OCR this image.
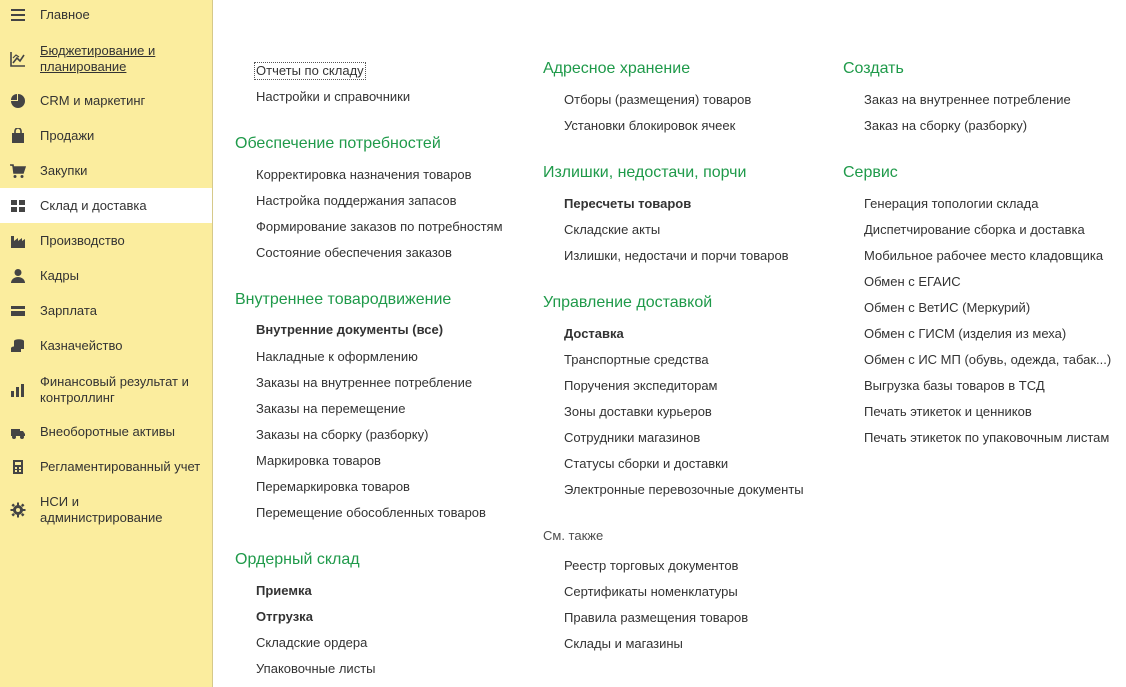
Главное
Бюджетирование и планирование
CRM и маркетинг
Продажи
Закупки
Склад и доставка
Производство
Кадры
Зарплата
Казначейство
Финансовый результат и контроллинг
Внеоборотные активы
Регламентированный учет
НСИ и администрирование
Отчеты по складу
Настройки и справочники
Обеспечение потребностей
Корректировка назначения товаров
Настройка поддержания запасов
Формирование заказов по потребностям
Состояние обеспечения заказов
Внутреннее товародвижение
Внутренние документы (все)
Накладные к оформлению
Заказы на внутреннее потребление
Заказы на перемещение
Заказы на сборку (разборку)
Маркировка товаров
Перемаркировка товаров
Перемещение обособленных товаров
Ордерный склад
Приемка
Отгрузка
Складские ордера
Упаковочные листы
Адресное хранение
Отборы (размещения) товаров
Установки блокировок ячеек
Излишки, недостачи, порчи
Пересчеты товаров
Складские акты
Излишки, недостачи и порчи товаров
Управление доставкой
Доставка
Транспортные средства
Поручения экспедиторам
Зоны доставки курьеров
Сотрудники магазинов
Статусы сборки и доставки
Электронные перевозочные документы
См. также
Реестр торговых документов
Сертификаты номенклатуры
Правила размещения товаров
Склады и магазины
Создать
Заказ на внутреннее потребление
Заказ на сборку (разборку)
Сервис
Генерация топологии склада
Диспетчирование сборка и доставка
Мобильное рабочее место кладовщика
Обмен с ЕГАИС
Обмен с ВетИС (Меркурий)
Обмен с ГИСМ (изделия из меха)
Обмен с ИС МП (обувь, одежда, табак...)
Выгрузка базы товаров в ТСД
Печать этикеток и ценников
Печать этикеток по упаковочным листам
